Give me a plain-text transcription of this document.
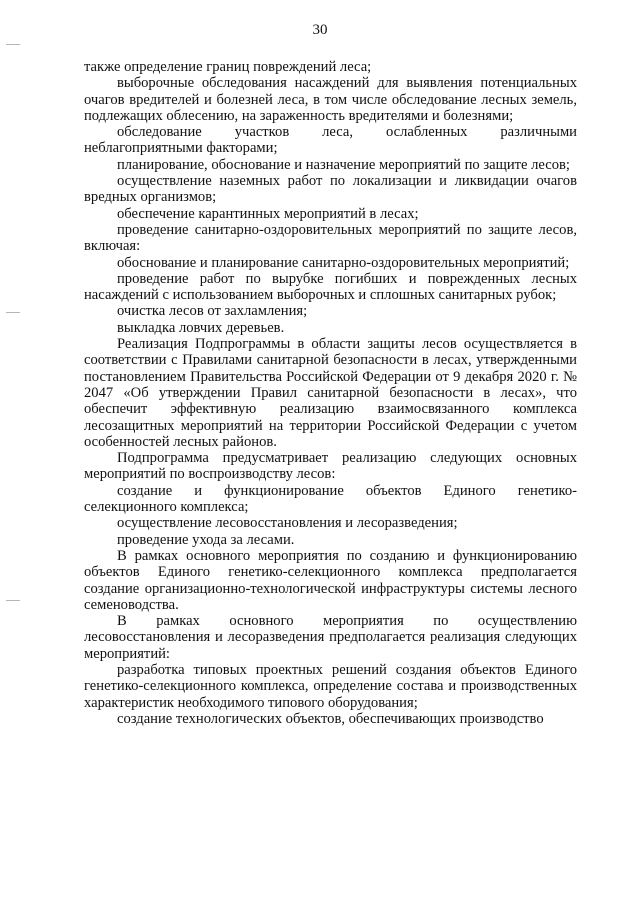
30

также определение границ повреждений леса;

выборочные обследования насаждений для выявления потенциальных очагов вредителей и болезней леса, в том числе обследование лесных земель, подлежащих облесению, на зараженность вредителями и болезнями;

обследование участков леса, ослабленных различными неблагоприятными факторами;

планирование, обоснование и назначение мероприятий по защите лесов;

осуществление наземных работ по локализации и ликвидации очагов вредных организмов;

обеспечение карантинных мероприятий в лесах;

проведение санитарно-оздоровительных мероприятий по защите лесов, включая:

обоснование и планирование санитарно-оздоровительных мероприятий;

проведение работ по вырубке погибших и поврежденных лесных насаждений с использованием выборочных и сплошных санитарных рубок;

очистка лесов от захламления;

выкладка ловчих деревьев.

Реализация Подпрограммы в области защиты лесов осуществляется в соответствии с Правилами санитарной безопасности в лесах, утвержденными постановлением Правительства Российской Федерации от 9 декабря 2020 г. № 2047 «Об утверждении Правил санитарной безопасности в лесах», что обеспечит эффективную реализацию взаимосвязанного комплекса лесозащитных мероприятий на территории Российской Федерации с учетом особенностей лесных районов.

Подпрограмма предусматривает реализацию следующих основных мероприятий по воспроизводству лесов:

создание и функционирование объектов Единого генетико-селекционного комплекса;

осуществление лесовосстановления и лесоразведения;

проведение ухода за лесами.

В рамках основного мероприятия по созданию и функционированию объектов Единого генетико-селекционного комплекса предполагается создание организационно-технологической инфраструктуры системы лесного семеноводства.

В рамках основного мероприятия по осуществлению лесовосстановления и лесоразведения предполагается реализация следующих мероприятий:

разработка типовых проектных решений создания объектов Единого генетико-селекционного комплекса, определение состава и производственных характеристик необходимого типового оборудования;

создание технологических объектов, обеспечивающих производство
